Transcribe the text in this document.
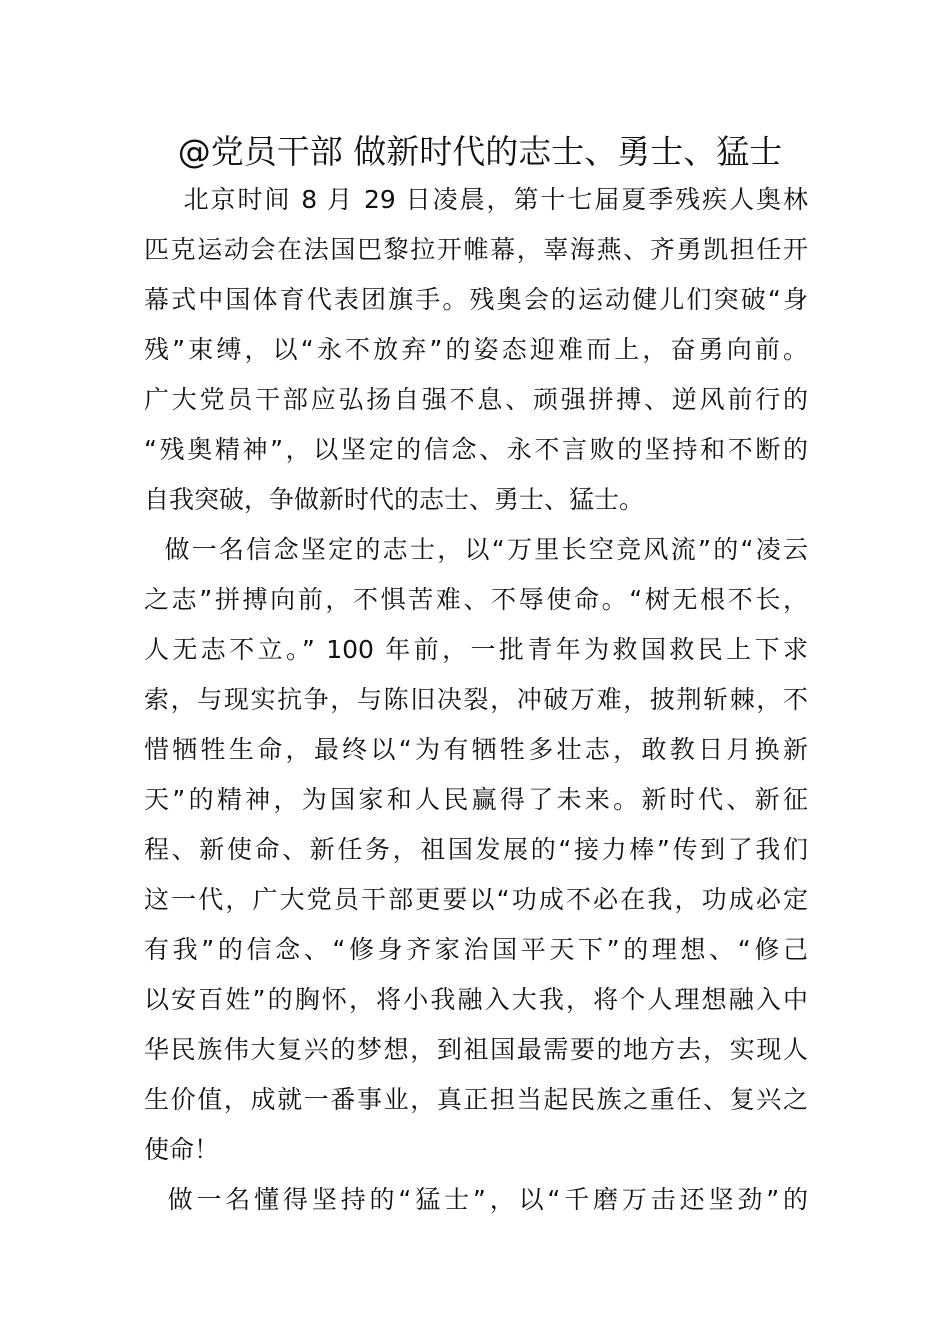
@党员干部 做新时代的志士、勇士、猛士

北京时间 8 月 29 日凌晨，第十七届夏季残疾人奥林

匹克运动会在法国巴黎拉开帷幕，辜海燕、齐勇凯担任开

幕式中国体育代表团旗手。残奥会的运动健儿们突破“身

残”束缚，以“永不放弃”的姿态迎难而上，奋勇向前。

广大党员干部应弘扬自强不息、顽强拼搏、逆风前行的

“残奥精神”，以坚定的信念、永不言败的坚持和不断的

自我突破，争做新时代的志士、勇士、猛士。

做一名信念坚定的志士，以“万里长空竞风流”的“凌云

之志”拼搏向前，不惧苦难、不辱使命。“树无根不长，

人无志不立。” 100 年前，一批青年为救国救民上下求

索，与现实抗争，与陈旧决裂，冲破万难，披荆斩棘，不

惜牺牲生命，最终以“为有牺牲多壮志，敢教日月换新

天”的精神，为国家和人民赢得了未来。新时代、新征

程、新使命、新任务，祖国发展的“接力棒”传到了我们

这一代，广大党员干部更要以“功成不必在我，功成必定

有我”的信念、“修身齐家治国平天下”的理想、“修己

以安百姓”的胸怀，将小我融入大我，将个人理想融入中

华民族伟大复兴的梦想，到祖国最需要的地方去，实现人

生价值，成就一番事业，真正担当起民族之重任、复兴之

使命！

做一名懂得坚持的“猛士”，以“千磨万击还坚劲”的
